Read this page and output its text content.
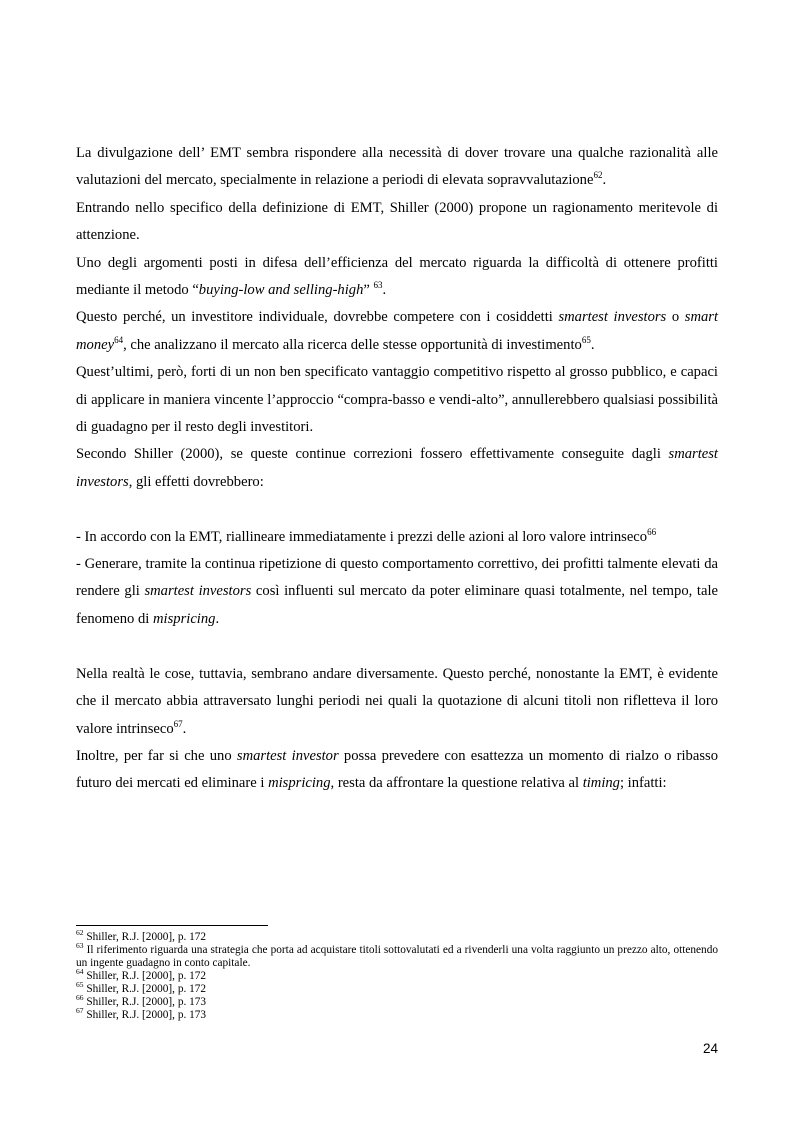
La divulgazione dell’ EMT sembra rispondere alla necessità di dover trovare una qualche razionalità alle valutazioni del mercato, specialmente in relazione a periodi di elevata sopravvalutazione$^{62}$.

Entrando nello specifico della definizione di EMT, Shiller (2000) propone un ragionamento meritevole di attenzione.

Uno degli argomenti posti in difesa dell’efficienza del mercato riguarda la difficoltà di ottenere profitti mediante il metodo “buying-low and selling-high” $^{63}$.

Questo perché, un investitore individuale, dovrebbe competere con i cosiddetti smartest investors o smart money$^{64}$, che analizzano il mercato alla ricerca delle stesse opportunità di investimento$^{65}$.

Quest’ultimi, però, forti di un non ben specificato vantaggio competitivo rispetto al grosso pubblico, e capaci di applicare in maniera vincente l’approccio “compra-basso e vendi-alto”, annullerebbero qualsiasi possibilità di guadagno per il resto degli investitori.

Secondo Shiller (2000), se queste continue correzioni fossero effettivamente conseguite dagli smartest investors, gli effetti dovrebbero:

- In accordo con la EMT, riallineare immediatamente i prezzi delle azioni al loro valore intrinseco$^{66}$

- Generare, tramite la continua ripetizione di questo comportamento correttivo, dei profitti talmente elevati da rendere gli smartest investors così influenti sul mercato da poter eliminare quasi totalmente, nel tempo, tale fenomeno di mispricing.

Nella realtà le cose, tuttavia, sembrano andare diversamente. Questo perché, nonostante la EMT, è evidente che il mercato abbia attraversato lunghi periodi nei quali la quotazione di alcuni titoli non rifletteva il loro valore intrinseco$^{67}$.

Inoltre, per far si che uno smartest investor possa prevedere con esattezza un momento di rialzo o ribasso futuro dei mercati ed eliminare i mispricing, resta da affrontare la questione relativa al timing; infatti:

$^{62}$ Shiller, R.J. [2000], p. 172

$^{63}$ Il riferimento riguarda una strategia che porta ad acquistare titoli sottovalutati ed a rivenderli una volta raggiunto un prezzo alto, ottenendo un ingente guadagno in conto capitale.

$^{64}$ Shiller, R.J. [2000], p. 172

$^{65}$ Shiller, R.J. [2000], p. 172

$^{66}$ Shiller, R.J. [2000], p. 173

$^{67}$ Shiller, R.J. [2000], p. 173

24
